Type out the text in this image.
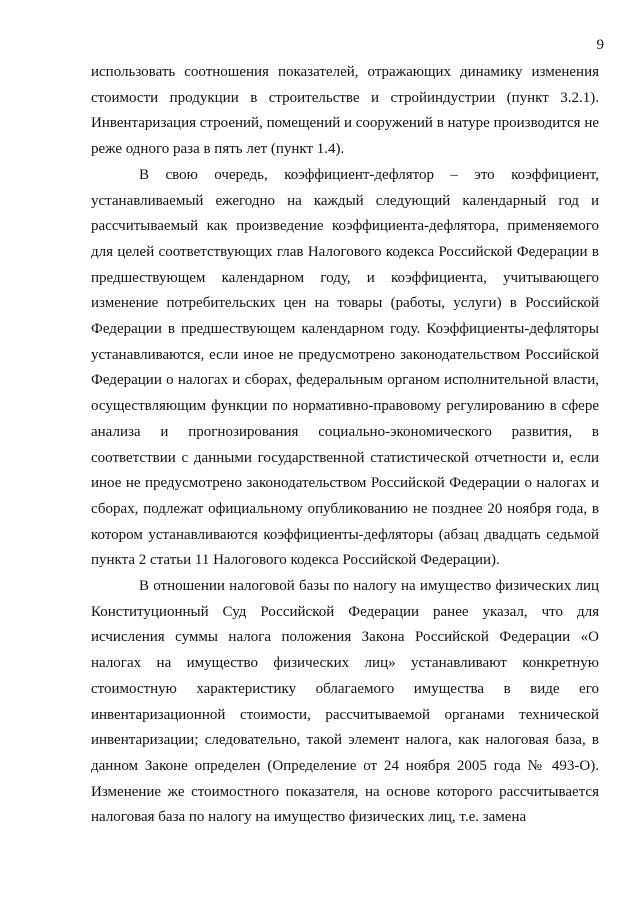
9

использовать соотношения показателей, отражающих динамику изменения стоимости продукции в строительстве и стройиндустрии (пункт 3.2.1). Инвентаризация строений, помещений и сооружений в натуре производится не реже одного раза в пять лет (пункт 1.4).

В свою очередь, коэффициент-дефлятор – это коэффициент, устанавливаемый ежегодно на каждый следующий календарный год и рассчитываемый как произведение коэффициента-дефлятора, применяемого для целей соответствующих глав Налогового кодекса Российской Федерации в предшествующем календарном году, и коэффициента, учитывающего изменение потребительских цен на товары (работы, услуги) в Российской Федерации в предшествующем календарном году. Коэффициенты-дефляторы устанавливаются, если иное не предусмотрено законодательством Российской Федерации о налогах и сборах, федеральным органом исполнительной власти, осуществляющим функции по нормативно-правовому регулированию в сфере анализа и прогнозирования социально-экономического развития, в соответствии с данными государственной статистической отчетности и, если иное не предусмотрено законодательством Российской Федерации о налогах и сборах, подлежат официальному опубликованию не позднее 20 ноября года, в котором устанавливаются коэффициенты-дефляторы (абзац двадцать седьмой пункта 2 статьи 11 Налогового кодекса Российской Федерации).

В отношении налоговой базы по налогу на имущество физических лиц Конституционный Суд Российской Федерации ранее указал, что для исчисления суммы налога положения Закона Российской Федерации «О налогах на имущество физических лиц» устанавливают конкретную стоимостную характеристику облагаемого имущества в виде его инвентаризационной стоимости, рассчитываемой органами технической инвентаризации; следовательно, такой элемент налога, как налоговая база, в данном Законе определен (Определение от 24 ноября 2005 года № 493-О). Изменение же стоимостного показателя, на основе которого рассчитывается налоговая база по налогу на имущество физических лиц, т.е. замена
